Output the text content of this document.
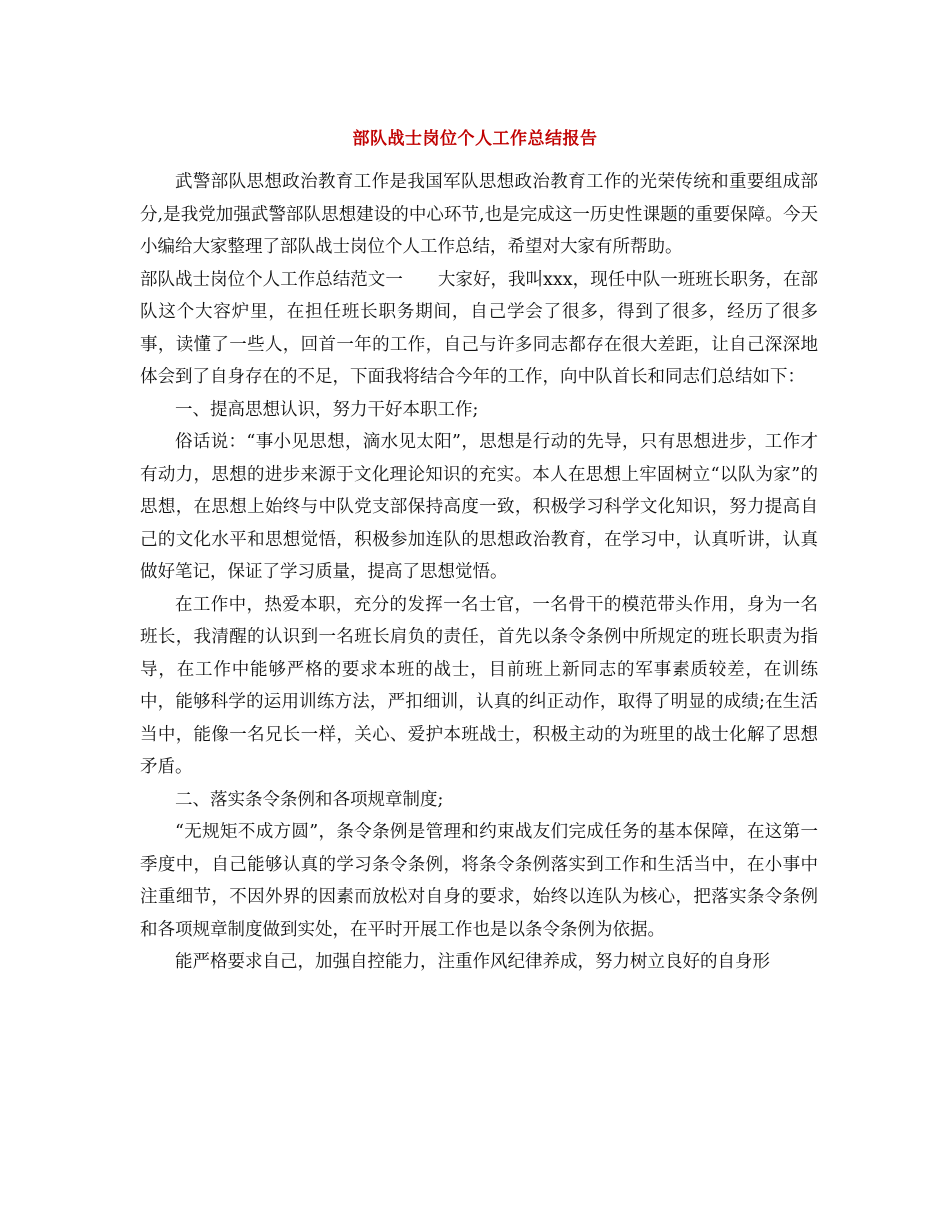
部队战士岗位个人工作总结报告

武警部队思想政治教育工作是我国军队思想政治教育工作的光荣传统和重要组成部分,是我党加强武警部队思想建设的中心环节,也是完成这一历史性课题的重要保障。今天小编给大家整理了部队战士岗位个人工作总结，希望对大家有所帮助。

部队战士岗位个人工作总结范文一　　大家好，我叫xxx，现任中队一班班长职务，在部队这个大容炉里，在担任班长职务期间，自己学会了很多，得到了很多，经历了很多事，读懂了一些人，回首一年的工作，自己与许多同志都存在很大差距，让自己深深地体会到了自身存在的不足，下面我将结合今年的工作，向中队首长和同志们总结如下：

一、提高思想认识，努力干好本职工作;

俗话说：“事小见思想，滴水见太阳”，思想是行动的先导，只有思想进步，工作才有动力，思想的进步来源于文化理论知识的充实。本人在思想上牢固树立“以队为家”的思想，在思想上始终与中队党支部保持高度一致，积极学习科学文化知识，努力提高自己的文化水平和思想觉悟，积极参加连队的思想政治教育，在学习中，认真听讲，认真做好笔记，保证了学习质量，提高了思想觉悟。

在工作中，热爱本职，充分的发挥一名士官，一名骨干的模范带头作用，身为一名班长，我清醒的认识到一名班长肩负的责任，首先以条令条例中所规定的班长职责为指导，在工作中能够严格的要求本班的战士，目前班上新同志的军事素质较差，在训练中，能够科学的运用训练方法，严扣细训，认真的纠正动作，取得了明显的成绩;在生活当中，能像一名兄长一样，关心、爱护本班战士，积极主动的为班里的战士化解了思想矛盾。

二、落实条令条例和各项规章制度;

“无规矩不成方圆”，条令条例是管理和约束战友们完成任务的基本保障，在这第一季度中，自己能够认真的学习条令条例，将条令条例落实到工作和生活当中，在小事中注重细节，不因外界的因素而放松对自身的要求，始终以连队为核心，把落实条令条例和各项规章制度做到实处，在平时开展工作也是以条令条例为依据。

能严格要求自己，加强自控能力，注重作风纪律养成，努力树立良好的自身形
